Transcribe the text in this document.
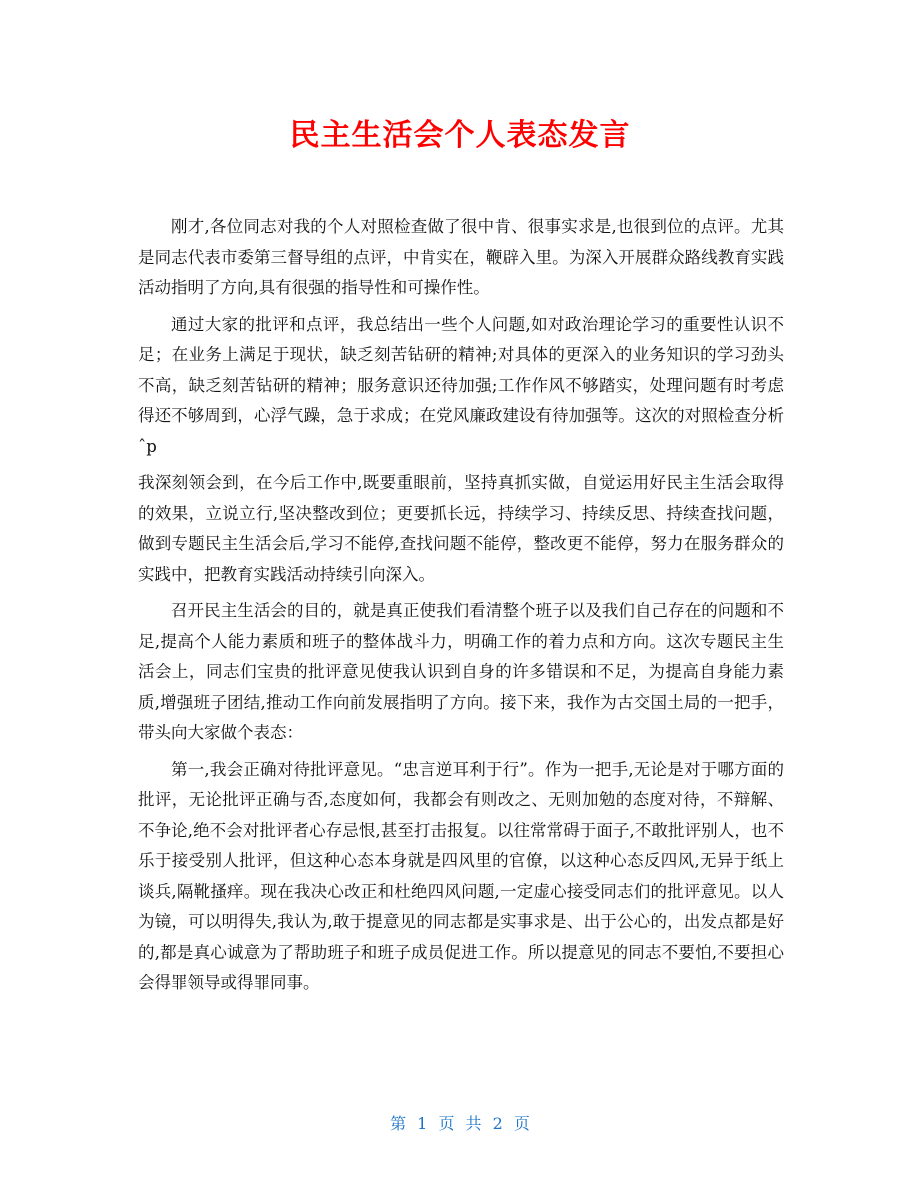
民主生活会个人表态发言

刚才,各位同志对我的个人对照检查做了很中肯、很事实求是,也很到位的点评。尤其是同志代表市委第三督导组的点评，中肯实在，鞭辟入里。为深入开展群众路线教育实践活动指明了方向,具有很强的指导性和可操作性。

通过大家的批评和点评，我总结出一些个人问题,如对政治理论学习的重要性认识不足；在业务上满足于现状，缺乏刻苦钻研的精神;对具体的更深入的业务知识的学习劲头不高，缺乏刻苦钻研的精神；服务意识还待加强;工作作风不够踏实，处理问题有时考虑得还不够周到，心浮气躁，急于求成；在党风廉政建设有待加强等。这次的对照检查分析ˆp

我深刻领会到，在今后工作中,既要重眼前，坚持真抓实做，自觉运用好民主生活会取得的效果，立说立行,坚决整改到位；更要抓长远，持续学习、持续反思、持续查找问题，做到专题民主生活会后,学习不能停,查找问题不能停，整改更不能停，努力在服务群众的实践中，把教育实践活动持续引向深入。

召开民主生活会的目的，就是真正使我们看清整个班子以及我们自己存在的问题和不足,提高个人能力素质和班子的整体战斗力，明确工作的着力点和方向。这次专题民主生活会上，同志们宝贵的批评意见使我认识到自身的许多错误和不足，为提高自身能力素质,增强班子团结,推动工作向前发展指明了方向。接下来，我作为古交国土局的一把手，带头向大家做个表态：

第一,我会正确对待批评意见。“忠言逆耳利于行”。作为一把手,无论是对于哪方面的批评，无论批评正确与否,态度如何，我都会有则改之、无则加勉的态度对待，不辩解、不争论,绝不会对批评者心存忌恨,甚至打击报复。以往常常碍于面子,不敢批评别人，也不乐于接受别人批评，但这种心态本身就是四风里的官僚，以这种心态反四风,无异于纸上谈兵,隔靴搔痒。现在我决心改正和杜绝四风问题,一定虚心接受同志们的批评意见。以人为镜，可以明得失,我认为,敢于提意见的同志都是实事求是、出于公心的，出发点都是好的,都是真心诚意为了帮助班子和班子成员促进工作。所以提意见的同志不要怕,不要担心会得罪领导或得罪同事。

第 1 页 共 2 页
